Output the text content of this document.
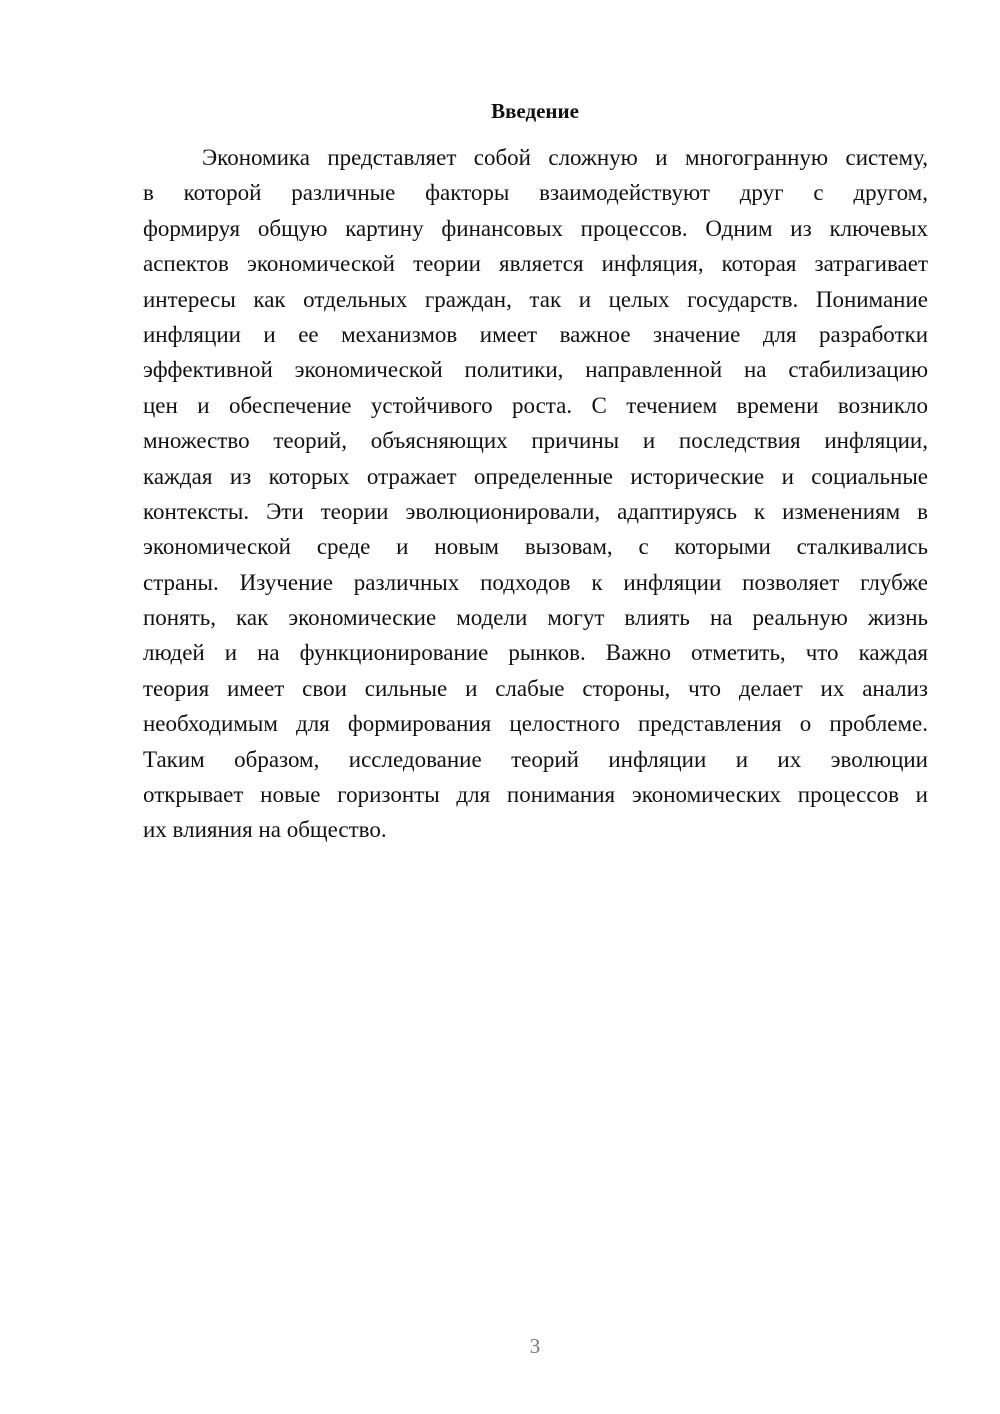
Введение
Экономика представляет собой сложную и многогранную систему,
в которой различные факторы взаимодействуют друг с другом,
формируя общую картину финансовых процессов. Одним из ключевых
аспектов экономической теории является инфляция, которая затрагивает
интересы как отдельных граждан, так и целых государств. Понимание
инфляции и ее механизмов имеет важное значение для разработки
эффективной экономической политики, направленной на стабилизацию
цен и обеспечение устойчивого роста. С течением времени возникло
множество теорий, объясняющих причины и последствия инфляции,
каждая из которых отражает определенные исторические и социальные
контексты. Эти теории эволюционировали, адаптируясь к изменениям в
экономической среде и новым вызовам, с которыми сталкивались
страны. Изучение различных подходов к инфляции позволяет глубже
понять, как экономические модели могут влиять на реальную жизнь
людей и на функционирование рынков. Важно отметить, что каждая
теория имеет свои сильные и слабые стороны, что делает их анализ
необходимым для формирования целостного представления о проблеме.
Таким образом, исследование теорий инфляции и их эволюции
открывает новые горизонты для понимания экономических процессов и
их влияния на общество.
3
